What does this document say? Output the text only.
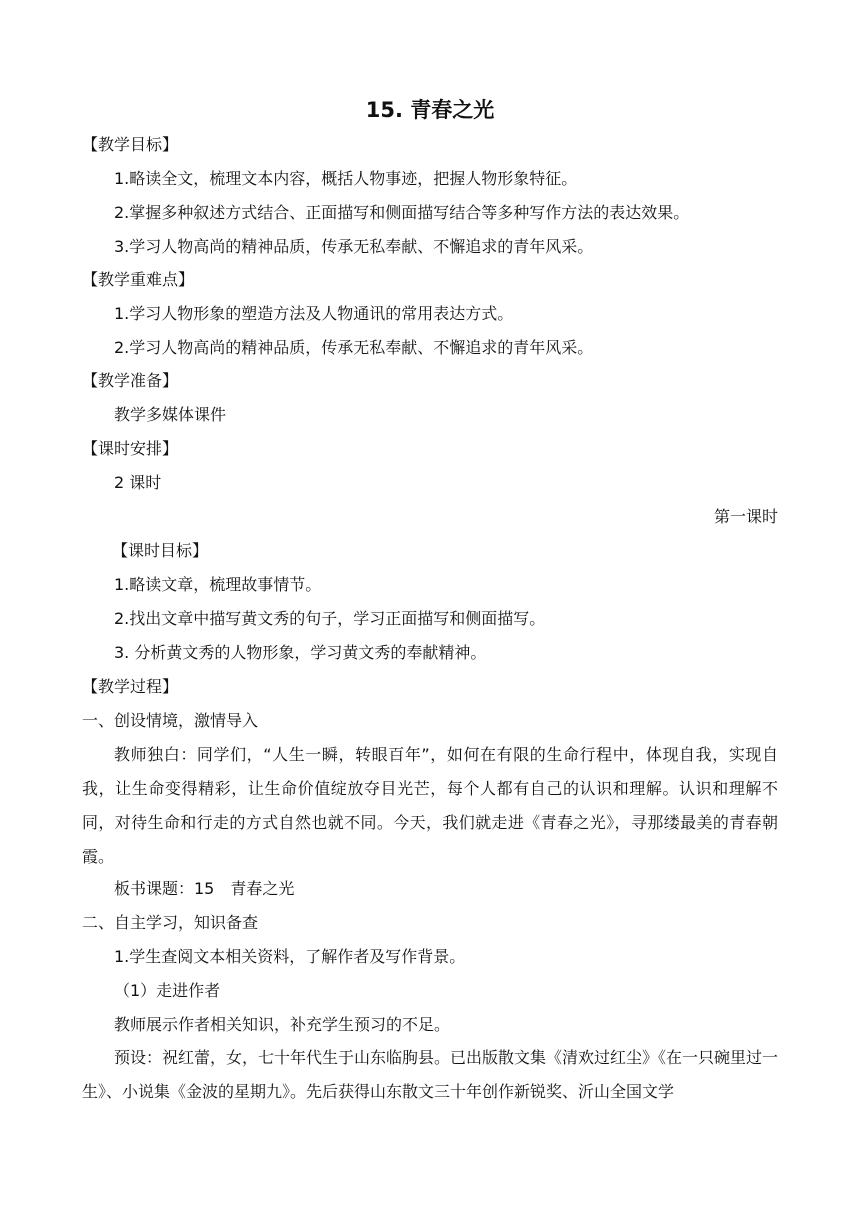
15. 青春之光
【教学目标】
1.略读全文，梳理文本内容，概括人物事迹，把握人物形象特征。
2.掌握多种叙述方式结合、正面描写和侧面描写结合等多种写作方法的表达效果。
3.学习人物高尚的精神品质，传承无私奉献、不懈追求的青年风采。
【教学重难点】
1.学习人物形象的塑造方法及人物通讯的常用表达方式。
2.学习人物高尚的精神品质，传承无私奉献、不懈追求的青年风采。
【教学准备】
教学多媒体课件
【课时安排】
2 课时
第一课时
【课时目标】
1.略读文章，梳理故事情节。
2.找出文章中描写黄文秀的句子，学习正面描写和侧面描写。
3. 分析黄文秀的人物形象，学习黄文秀的奉献精神。
【教学过程】
一、创设情境，激情导入
教师独白：同学们，“人生一瞬，转眼百年”，如何在有限的生命行程中，体现自我，实现自我，让生命变得精彩，让生命价值绽放夺目光芒，每个人都有自己的认识和理解。认识和理解不同，对待生命和行走的方式自然也就不同。今天，我们就走进《青春之光》，寻那缕最美的青春朝霞。
板书课题：15　青春之光
二、自主学习，知识备查
1.学生查阅文本相关资料，了解作者及写作背景。
（1）走进作者
教师展示作者相关知识，补充学生预习的不足。
预设：祝红蕾，女，七十年代生于山东临朐县。已出版散文集《清欢过红尘》《在一只碗里过一生》、小说集《金波的星期九》。先后获得山东散文三十年创作新锐奖、沂山全国文学
